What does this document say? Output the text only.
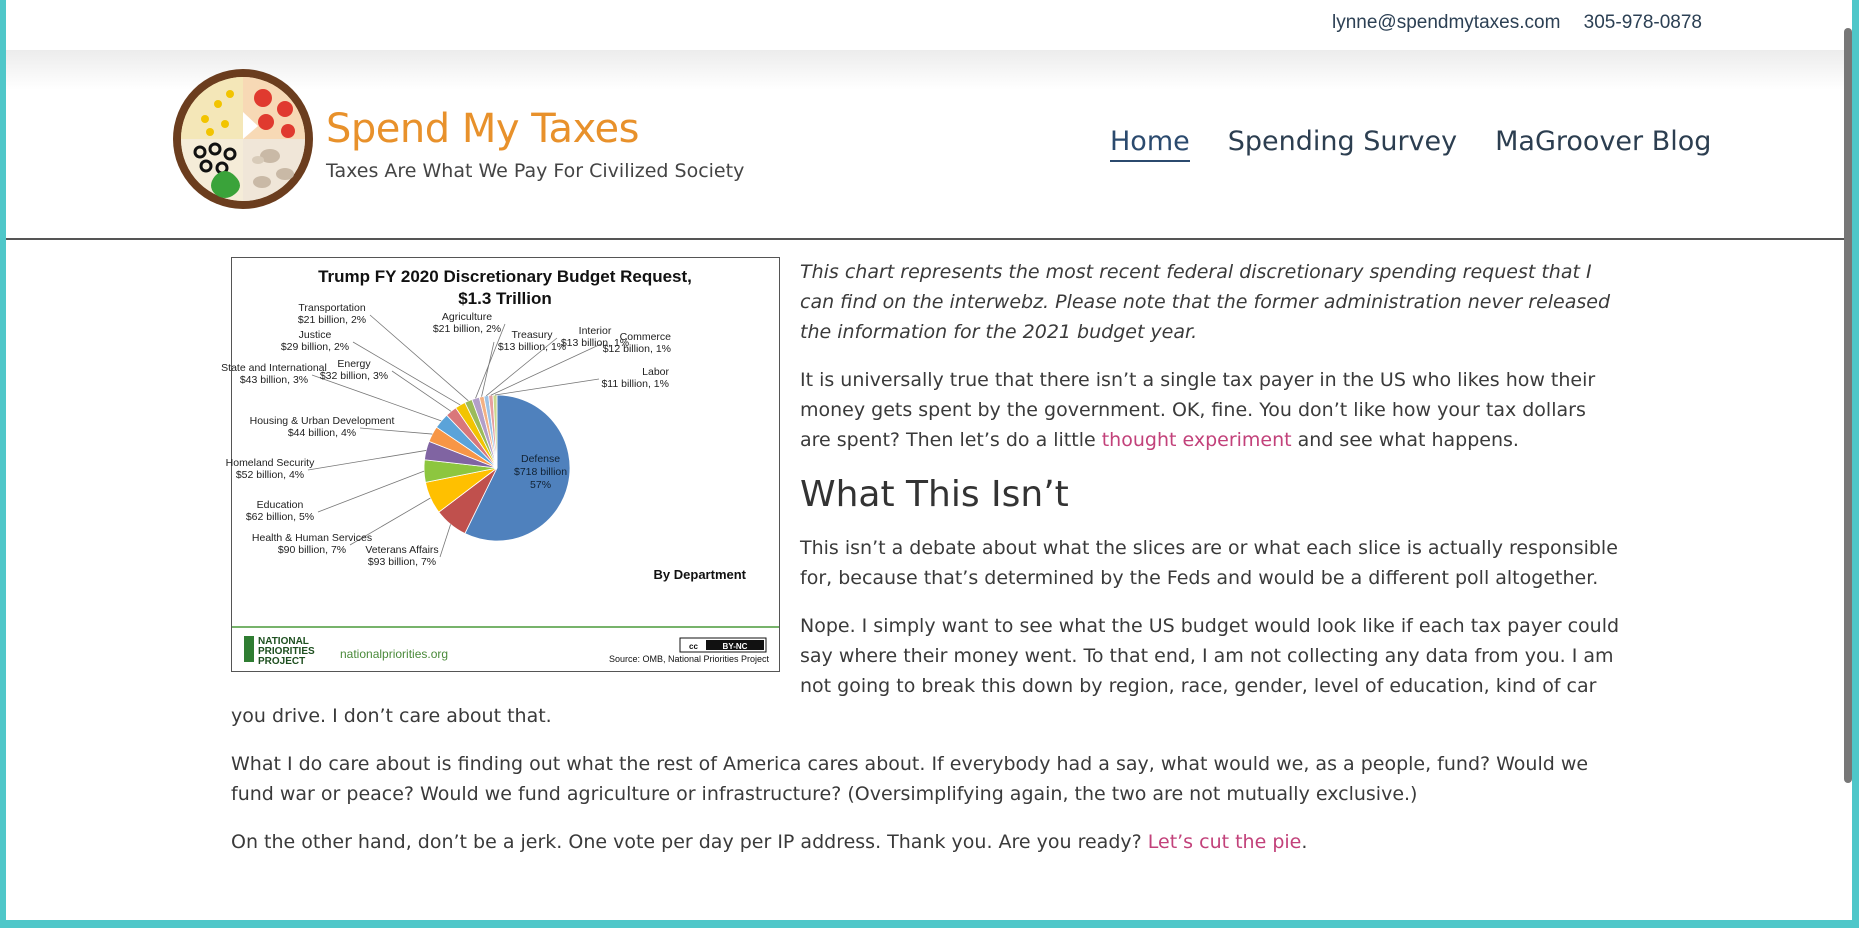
lynne@spendmytaxes.com 305-978-0878
Spend My Taxes
Taxes Are What We Pay For Civilized Society
Home Spending Survey MaGroover Blog
Trump FY 2020 Discretionary Budget Request,
$1.3 Trillion
Defense
$718 billion
57%
Veterans Affairs
$93 billion, 7%
Health & Human Services
$90 billion, 7%
Education
$62 billion, 5%
Homeland Security
$52 billion, 4%
Housing & Urban Development
$44 billion, 4%
State and International
$43 billion, 3%
Energy
$32 billion, 3%
Justice
$29 billion, 2%
Transportation
$21 billion, 2%	Agriculture
$21 billion, 2% Treasury
$13 billion, 1%
Interior
$13 billion, 1%
Commerce
$12 billion, 1%
Labor
$11 billion, 1%
By Department
NATIONAL
PRIORITIES
PROJECT
nationalpriorities.org
cc	BY-NC
Source: OMB, National Priorities Project

This chart represents the most recent federal discretionary spending request that I can find on the interwebz. Please note that the former administration never released the information for the 2021 budget year.

It is universally true that there isn’t a single tax payer in the US who likes how their money gets spent by the government. OK, fine. You don’t like how your tax dollars are spent? Then let’s do a little thought experiment and see what happens.

What This Isn’t

This isn’t a debate about what the slices are or what each slice is actually responsible for, because that’s determined by the Feds and would be a different poll altogether.

Nope. I simply want to see what the US budget would look like if each tax payer could say where their money went. To that end, I am not collecting any data from you. I am not going to break this down by region, race, gender, level of education, kind of car you drive. I don’t care about that.

What I do care about is finding out what the rest of America cares about. If everybody had a say, what would we, as a people, fund? Would we fund war or peace? Would we fund agriculture or infrastructure? (Oversimplifying again, the two are not mutually exclusive.)

On the other hand, don’t be a jerk. One vote per day per IP address. Thank you. Are you ready? Let’s cut the pie.
